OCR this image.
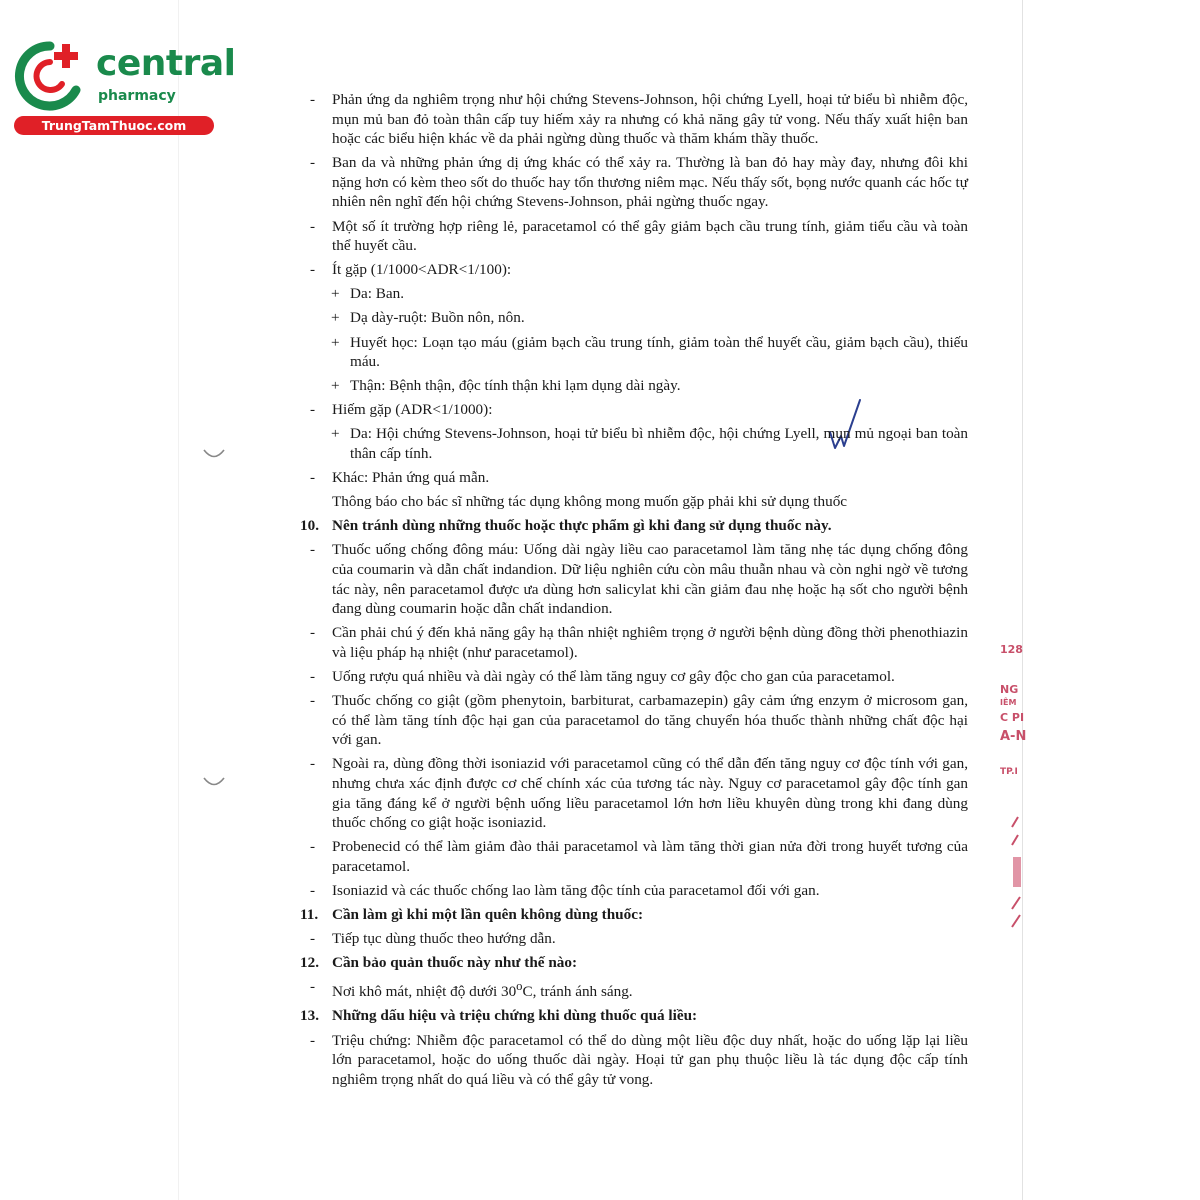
central
pharmacy
TrungTamThuoc.com
128
NG
IÊM
C PI
A-N
TP.I
- Phản ứng da nghiêm trọng như hội chứng Stevens-Johnson, hội chứng Lyell, hoại tử biểu bì nhiễm độc, mụn mủ ban đỏ toàn thân cấp tuy hiếm xảy ra nhưng có khả năng gây tử vong. Nếu thấy xuất hiện ban hoặc các biểu hiện khác về da phải ngừng dùng thuốc và thăm khám thầy thuốc.
- Ban da và những phản ứng dị ứng khác có thể xảy ra. Thường là ban đỏ hay mày đay, nhưng đôi khi nặng hơn có kèm theo sốt do thuốc hay tổn thương niêm mạc. Nếu thấy sốt, bọng nước quanh các hốc tự nhiên nên nghĩ đến hội chứng Stevens-Johnson, phải ngừng thuốc ngay.
- Một số ít trường hợp riêng lẻ, paracetamol có thể gây giảm bạch cầu trung tính, giảm tiểu cầu và toàn thể huyết cầu.
- Ít gặp (1/1000<ADR<1/100):
+ Da: Ban.
+ Dạ dày-ruột: Buồn nôn, nôn.
+ Huyết học: Loạn tạo máu (giảm bạch cầu trung tính, giảm toàn thể huyết cầu, giảm bạch cầu), thiếu máu.
+ Thận: Bệnh thận, độc tính thận khi lạm dụng dài ngày.
- Hiếm gặp (ADR<1/1000):
+ Da: Hội chứng Stevens-Johnson, hoại tử biểu bì nhiễm độc, hội chứng Lyell, mụn mủ ngoại ban toàn thân cấp tính.
- Khác: Phản ứng quá mẫn.
Thông báo cho bác sĩ những tác dụng không mong muốn gặp phải khi sử dụng thuốc
10. Nên tránh dùng những thuốc hoặc thực phẩm gì khi đang sử dụng thuốc này.
- Thuốc uống chống đông máu: Uống dài ngày liều cao paracetamol làm tăng nhẹ tác dụng chống đông của coumarin và dẫn chất indandion. Dữ liệu nghiên cứu còn mâu thuẫn nhau và còn nghi ngờ về tương tác này, nên paracetamol được ưa dùng hơn salicylat khi cần giảm đau nhẹ hoặc hạ sốt cho người bệnh đang dùng coumarin hoặc dẫn chất indandion.
- Cần phải chú ý đến khả năng gây hạ thân nhiệt nghiêm trọng ở người bệnh dùng đồng thời phenothiazin và liệu pháp hạ nhiệt (như paracetamol).
- Uống rượu quá nhiều và dài ngày có thể làm tăng nguy cơ gây độc cho gan của paracetamol.
- Thuốc chống co giật (gồm phenytoin, barbiturat, carbamazepin) gây cảm ứng enzym ở microsom gan, có thể làm tăng tính độc hại gan của paracetamol do tăng chuyển hóa thuốc thành những chất độc hại với gan.
- Ngoài ra, dùng đồng thời isoniazid với paracetamol cũng có thể dẫn đến tăng nguy cơ độc tính với gan, nhưng chưa xác định được cơ chế chính xác của tương tác này. Nguy cơ paracetamol gây độc tính gan gia tăng đáng kể ở người bệnh uống liều paracetamol lớn hơn liều khuyên dùng trong khi đang dùng thuốc chống co giật hoặc isoniazid.
- Probenecid có thể làm giảm đào thải paracetamol và làm tăng thời gian nửa đời trong huyết tương của paracetamol.
- Isoniazid và các thuốc chống lao làm tăng độc tính của paracetamol đối với gan.
11. Cần làm gì khi một lần quên không dùng thuốc:
- Tiếp tục dùng thuốc theo hướng dẫn.
12. Cần bảo quản thuốc này như thế nào:
- Nơi khô mát, nhiệt độ dưới 30$^o$C, tránh ánh sáng.
13. Những dấu hiệu và triệu chứng khi dùng thuốc quá liều:
- Triệu chứng: Nhiễm độc paracetamol có thể do dùng một liều độc duy nhất, hoặc do uống lặp lại liều lớn paracetamol, hoặc do uống thuốc dài ngày. Hoại tử gan phụ thuộc liều là tác dụng độc cấp tính nghiêm trọng nhất do quá liều và có thể gây tử vong.
